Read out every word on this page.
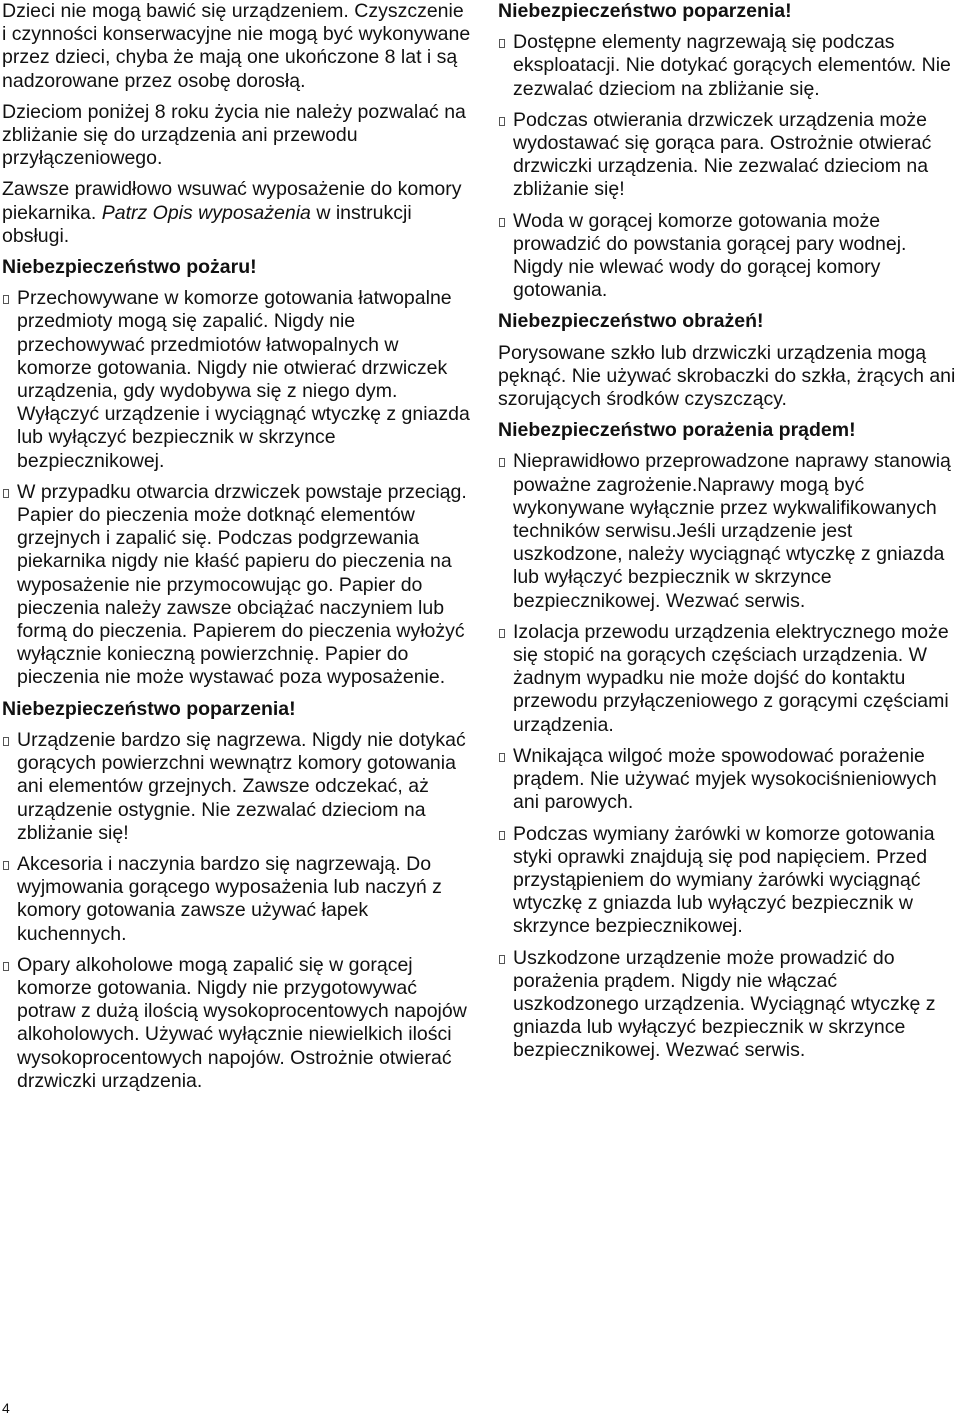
Dzieci nie mogą bawić się urządzeniem. Czyszczenie i czynności konserwacyjne nie mogą być wykonywane przez dzieci, chyba że mają one ukończone 8 lat i są nadzorowane przez osobę dorosłą.

Dzieciom poniżej 8 roku życia nie należy pozwalać na zbliżanie się do urządzenia ani przewodu przyłączeniowego.

Zawsze prawidłowo wsuwać wyposażenie do komory piekarnika. Patrz Opis wyposażenia w instrukcji obsługi.

Niebezpieczeństwo pożaru!

Przechowywane w komorze gotowania łatwopalne przedmioty mogą się zapalić. Nigdy nie przechowywać przedmiotów łatwopalnych w komorze gotowania. Nigdy nie otwierać drzwiczek urządzenia, gdy wydobywa się z niego dym. Wyłączyć urządzenie i wyciągnąć wtyczkę z gniazda lub wyłączyć bezpiecznik w skrzynce bezpiecznikowej.
W przypadku otwarcia drzwiczek powstaje przeciąg. Papier do pieczenia może dotknąć elementów grzejnych i zapalić się. Podczas podgrzewania piekarnika nigdy nie kłaść papieru do pieczenia na wyposażenie nie przymocowując go. Papier do pieczenia należy zawsze obciążać naczyniem lub formą do pieczenia. Papierem do pieczenia wyłożyć wyłącznie konieczną powierzchnię. Papier do pieczenia nie może wystawać poza wyposażenie.

Niebezpieczeństwo poparzenia!

Urządzenie bardzo się nagrzewa. Nigdy nie dotykać gorących powierzchni wewnątrz komory gotowania ani elementów grzejnych. Zawsze odczekać, aż urządzenie ostygnie. Nie zezwalać dzieciom na zbliżanie się!
Akcesoria i naczynia bardzo się nagrzewają. Do wyjmowania gorącego wyposażenia lub naczyń z komory gotowania zawsze używać łapek kuchennych.
Opary alkoholowe mogą zapalić się w gorącej komorze gotowania. Nigdy nie przygotowywać potraw z dużą ilością wysokoprocentowych napojów alkoholowych. Używać wyłącznie niewielkich ilości wysokoprocentowych napojów. Ostrożnie otwierać drzwiczki urządzenia.

Niebezpieczeństwo poparzenia!

Dostępne elementy nagrzewają się podczas eksploatacji. Nie dotykać gorących elementów. Nie zezwalać dzieciom na zbliżanie się.
Podczas otwierania drzwiczek urządzenia może wydostawać się gorąca para. Ostrożnie otwierać drzwiczki urządzenia. Nie zezwalać dzieciom na zbliżanie się!
Woda w gorącej komorze gotowania może prowadzić do powstania gorącej pary wodnej. Nigdy nie wlewać wody do gorącej komory gotowania.

Niebezpieczeństwo obrażeń!

Porysowane szkło lub drzwiczki urządzenia mogą pęknąć. Nie używać skrobaczki do szkła, żrących ani szorujących środków czyszczący.

Niebezpieczeństwo porażenia prądem!

Nieprawidłowo przeprowadzone naprawy stanowią poważne zagrożenie.Naprawy mogą być wykonywane wyłącznie przez wykwalifikowanych techników serwisu.Jeśli urządzenie jest uszkodzone, należy wyciągnąć wtyczkę z gniazda lub wyłączyć bezpiecznik w skrzynce bezpiecznikowej. Wezwać serwis.
Izolacja przewodu urządzenia elektrycznego może się stopić na gorących częściach urządzenia. W żadnym wypadku nie może dojść do kontaktu przewodu przyłączeniowego z gorącymi częściami urządzenia.
Wnikająca wilgoć może spowodować porażenie prądem. Nie używać myjek wysokociśnieniowych ani parowych.
Podczas wymiany żarówki w komorze gotowania styki oprawki znajdują się pod napięciem. Przed przystąpieniem do wymiany żarówki wyciągnąć wtyczkę z gniazda lub wyłączyć bezpiecznik w skrzynce bezpiecznikowej.
Uszkodzone urządzenie może prowadzić do porażenia prądem. Nigdy nie włączać uszkodzonego urządzenia. Wyciągnąć wtyczkę z gniazda lub wyłączyć bezpiecznik w skrzynce bezpiecznikowej. Wezwać serwis.
4
